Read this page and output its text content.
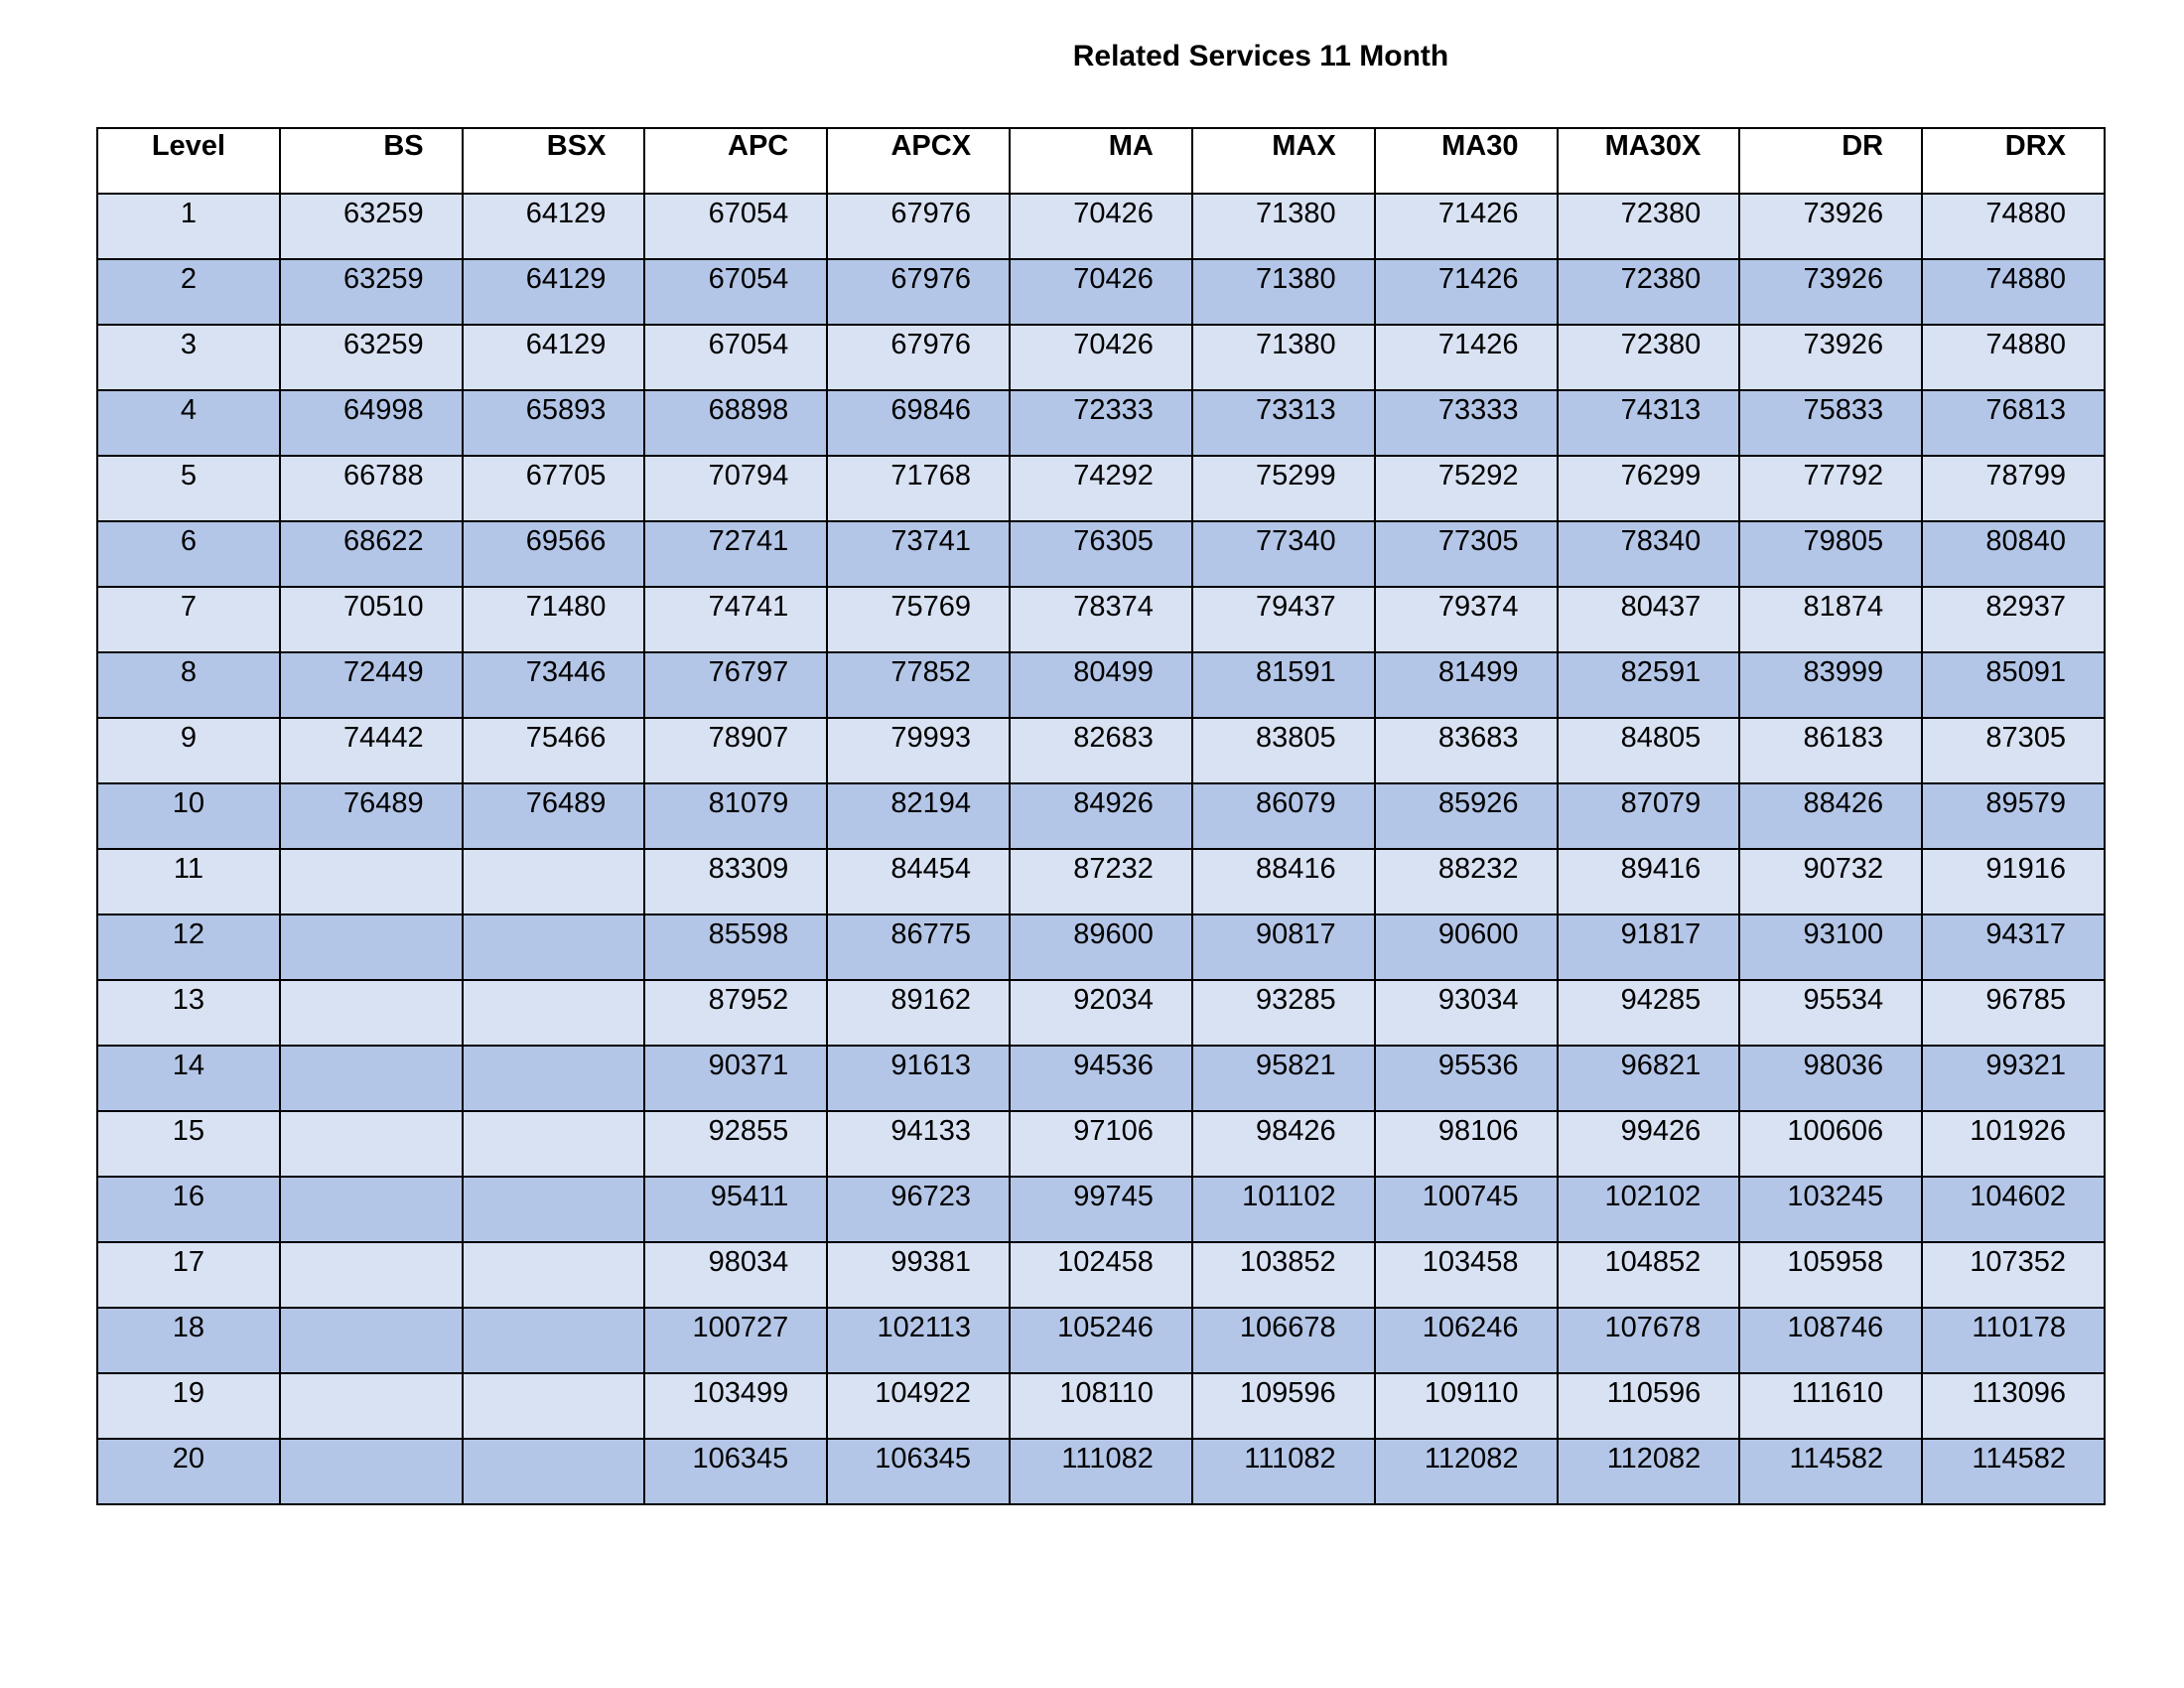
Related Services 11 Month
Level	BS	BSX	APC	APCX	MA	MAX	MA30	MA30X	DR	DRX
1	63259	64129	67054	67976	70426	71380	71426	72380	73926	74880
2	63259	64129	67054	67976	70426	71380	71426	72380	73926	74880
3	63259	64129	67054	67976	70426	71380	71426	72380	73926	74880
4	64998	65893	68898	69846	72333	73313	73333	74313	75833	76813
5	66788	67705	70794	71768	74292	75299	75292	76299	77792	78799
6	68622	69566	72741	73741	76305	77340	77305	78340	79805	80840
7	70510	71480	74741	75769	78374	79437	79374	80437	81874	82937
8	72449	73446	76797	77852	80499	81591	81499	82591	83999	85091
9	74442	75466	78907	79993	82683	83805	83683	84805	86183	87305
10	76489	76489	81079	82194	84926	86079	85926	87079	88426	89579
11			83309	84454	87232	88416	88232	89416	90732	91916
12			85598	86775	89600	90817	90600	91817	93100	94317
13			87952	89162	92034	93285	93034	94285	95534	96785
14			90371	91613	94536	95821	95536	96821	98036	99321
15			92855	94133	97106	98426	98106	99426	100606	101926
16			95411	96723	99745	101102	100745	102102	103245	104602
17			98034	99381	102458	103852	103458	104852	105958	107352
18			100727	102113	105246	106678	106246	107678	108746	110178
19			103499	104922	108110	109596	109110	110596	111610	113096
20			106345	106345	111082	111082	112082	112082	114582	114582
